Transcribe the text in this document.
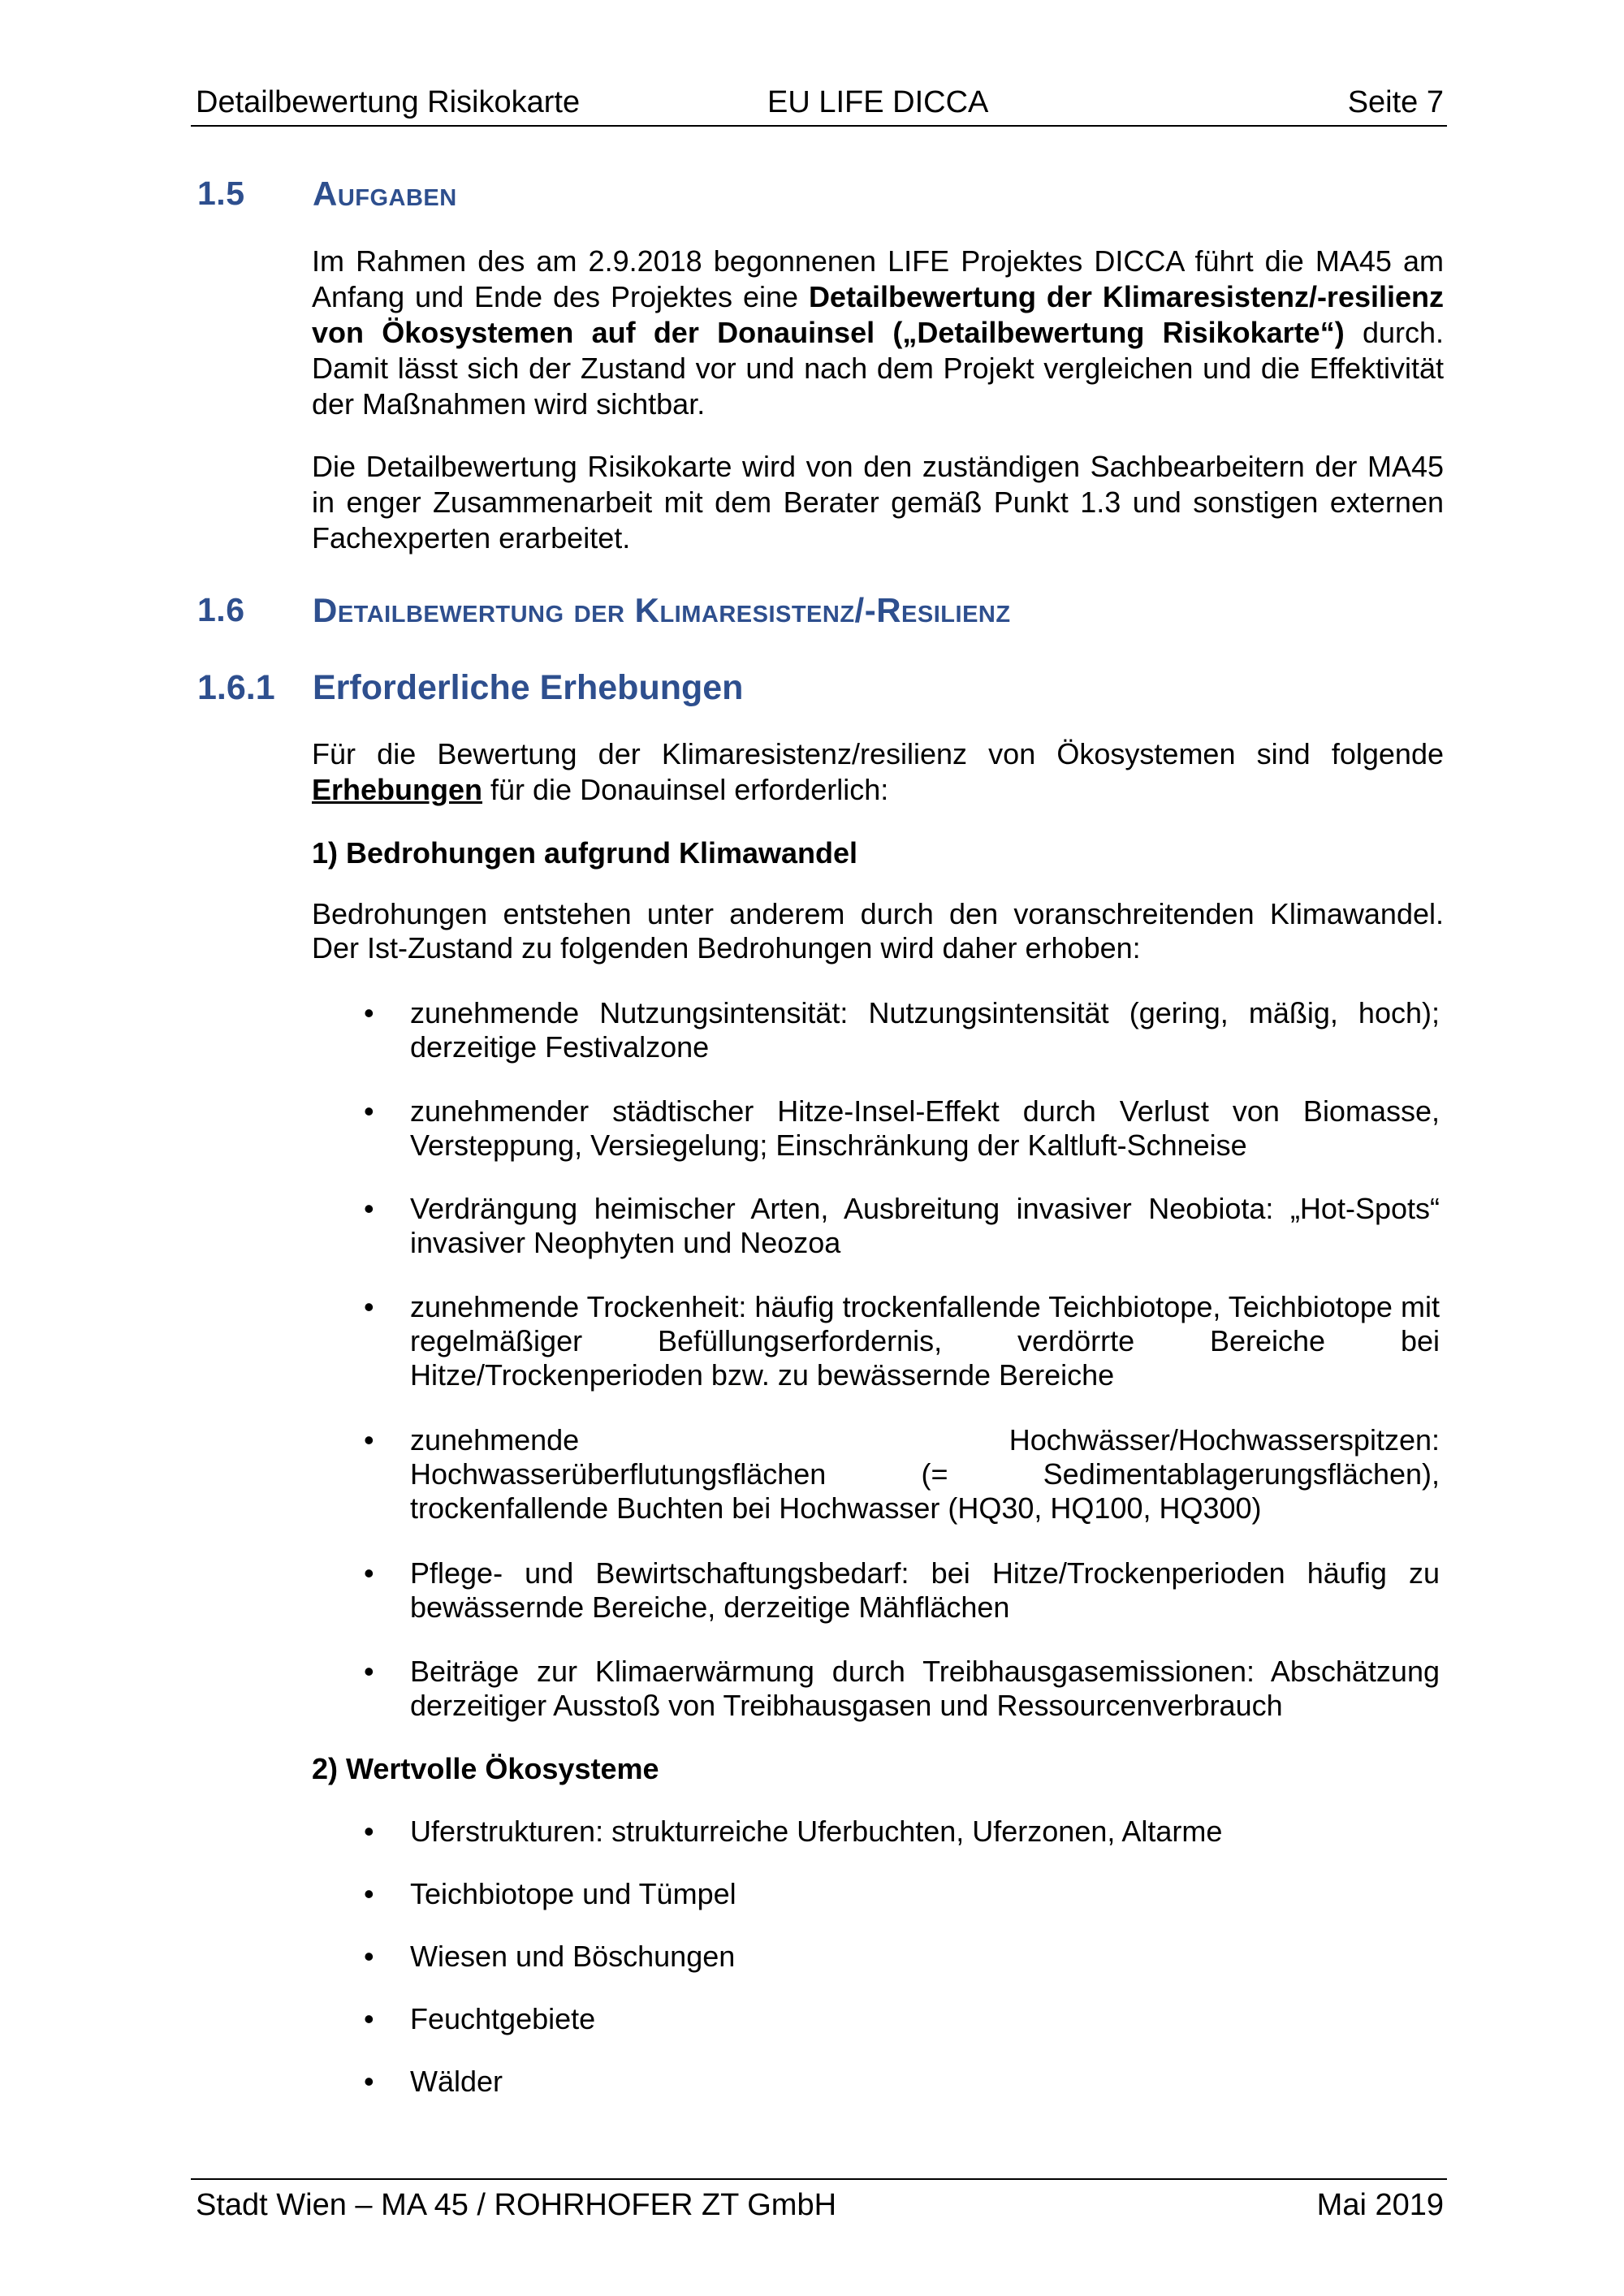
Detailbewertung Risikokarte	EU LIFE DICCA	Seite 7
1.5 Aufgaben
Im Rahmen des am 2.9.2018 begonnenen LIFE Projektes DICCA führt die MA45 am Anfang und Ende des Projektes eine Detailbewertung der Klimaresistenz/-resilienz von Ökosystemen auf der Donauinsel („Detailbewertung Risikokarte“) durch. Damit lässt sich der Zustand vor und nach dem Projekt vergleichen und die Effektivität der Maßnahmen wird sichtbar.
Die Detailbewertung Risikokarte wird von den zuständigen Sachbearbeitern der MA45 in enger Zusammenarbeit mit dem Berater gemäß Punkt 1.3 und sonstigen externen Fachexperten erarbeitet.
1.6 Detailbewertung der Klimaresistenz/-Resilienz
1.6.1 Erforderliche Erhebungen
Für die Bewertung der Klimaresistenz/resilienz von Ökosystemen sind folgende Erhebungen für die Donauinsel erforderlich:
1) Bedrohungen aufgrund Klimawandel
Bedrohungen entstehen unter anderem durch den voranschreitenden Klimawandel. Der Ist-Zustand zu folgenden Bedrohungen wird daher erhoben:
• zunehmende Nutzungsintensität: Nutzungsintensität (gering, mäßig, hoch); derzeitige Festivalzone
• zunehmender städtischer Hitze-Insel-Effekt durch Verlust von Biomasse, Versteppung, Versiegelung; Einschränkung der Kaltluft-Schneise
• Verdrängung heimischer Arten, Ausbreitung invasiver Neobiota: „Hot-Spots“ invasiver Neophyten und Neozoa
• zunehmende Trockenheit: häufig trockenfallende Teichbiotope, Teichbiotope mit regelmäßiger Befüllungserfordernis, verdörrte Bereiche bei Hitze/Trockenperioden bzw. zu bewässernde Bereiche
• zunehmende Hochwässer/Hochwasserspitzen: Hochwasserüberflutungsflächen (= Sedimentablagerungsflächen), trockenfallende Buchten bei Hochwasser (HQ30, HQ100, HQ300)
• Pflege- und Bewirtschaftungsbedarf: bei Hitze/Trockenperioden häufig zu bewässernde Bereiche, derzeitige Mähflächen
• Beiträge zur Klimaerwärmung durch Treibhausgasemissionen: Abschätzung derzeitiger Ausstoß von Treibhausgasen und Ressourcenverbrauch
2) Wertvolle Ökosysteme
• Uferstrukturen: strukturreiche Uferbuchten, Uferzonen, Altarme
• Teichbiotope und Tümpel
• Wiesen und Böschungen
• Feuchtgebiete
• Wälder
Stadt Wien – MA 45 / ROHRHOFER ZT GmbH	Mai 2019
